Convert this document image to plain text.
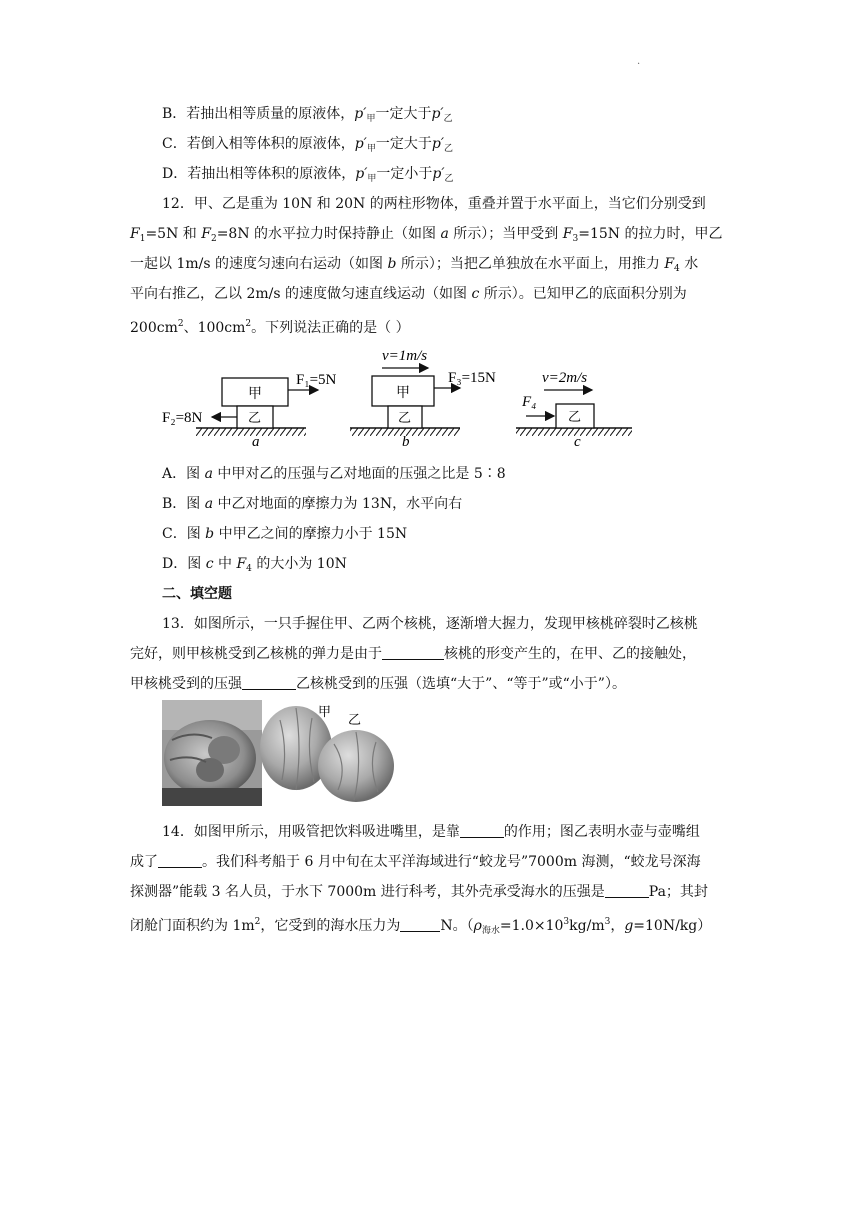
.
B．若抽出相等质量的原液体，$p'_甲$一定大于$p'_乙$
C．若倒入相等体积的原液体，$p'_甲$一定大于$p'_乙$
D．若抽出相等体积的原液体，$p'_甲$一定小于$p'_乙$
12．甲、乙是重为 10N 和 20N 的两柱形物体，重叠并置于水平面上，当它们分别受到
$F_1=5N$ 和 $F_2=8N$ 的水平拉力时保持静止（如图 a 所示）；当甲受到 $F_3=15N$ 的拉力时，甲乙
一起以 1m/s 的速度匀速向右运动（如图 b 所示）；当把乙单独放在水平面上，用推力 $F_4$ 水
平向右推乙，乙以 2m/s 的速度做匀速直线运动（如图 c 所示）。已知甲乙的底面积分别为
$200cm^2$、$100cm^2$。下列说法正确的是（ ）
甲
乙
F₁=5N
F₂=8N
a
v=1m/s
甲
乙
F₃=15N
b
v=2m/s
乙
F₄
c
A．图 a 中甲对乙的压强与乙对地面的压强之比是 5∶8
B．图 a 中乙对地面的摩擦力为 13N，水平向右
C．图 b 中甲乙之间的摩擦力小于 15N
D．图 c 中 $F_4$ 的大小为 10N
二、填空题
13．如图所示，一只手握住甲、乙两个核桃，逐渐增大握力，发现甲核桃碎裂时乙核桃
完好，则甲核桃受到乙核桃的弹力是由于	核桃的形变产生的，在甲、乙的接触处，
甲核桃受到的压强	乙核桃受到的压强（选填“大于”、“等于”或“小于”）。
甲
乙
14．如图甲所示，用吸管把饮料吸进嘴里，是靠	的作用；图乙表明水壶与壶嘴组
成了	。我们科考船于 6 月中旬在太平洋海域进行“蛟龙号”7000m 海测，“蛟龙号深海
探测器”能载 3 名人员，于水下 7000m 进行科考，其外壳承受海水的压强是	Pa；其封
闭舱门面积约为 $1m^2$，它受到的海水压力为	N。（$\rho_{海水}=1.0\times 10^3kg/m^3$，g=10N/kg）
